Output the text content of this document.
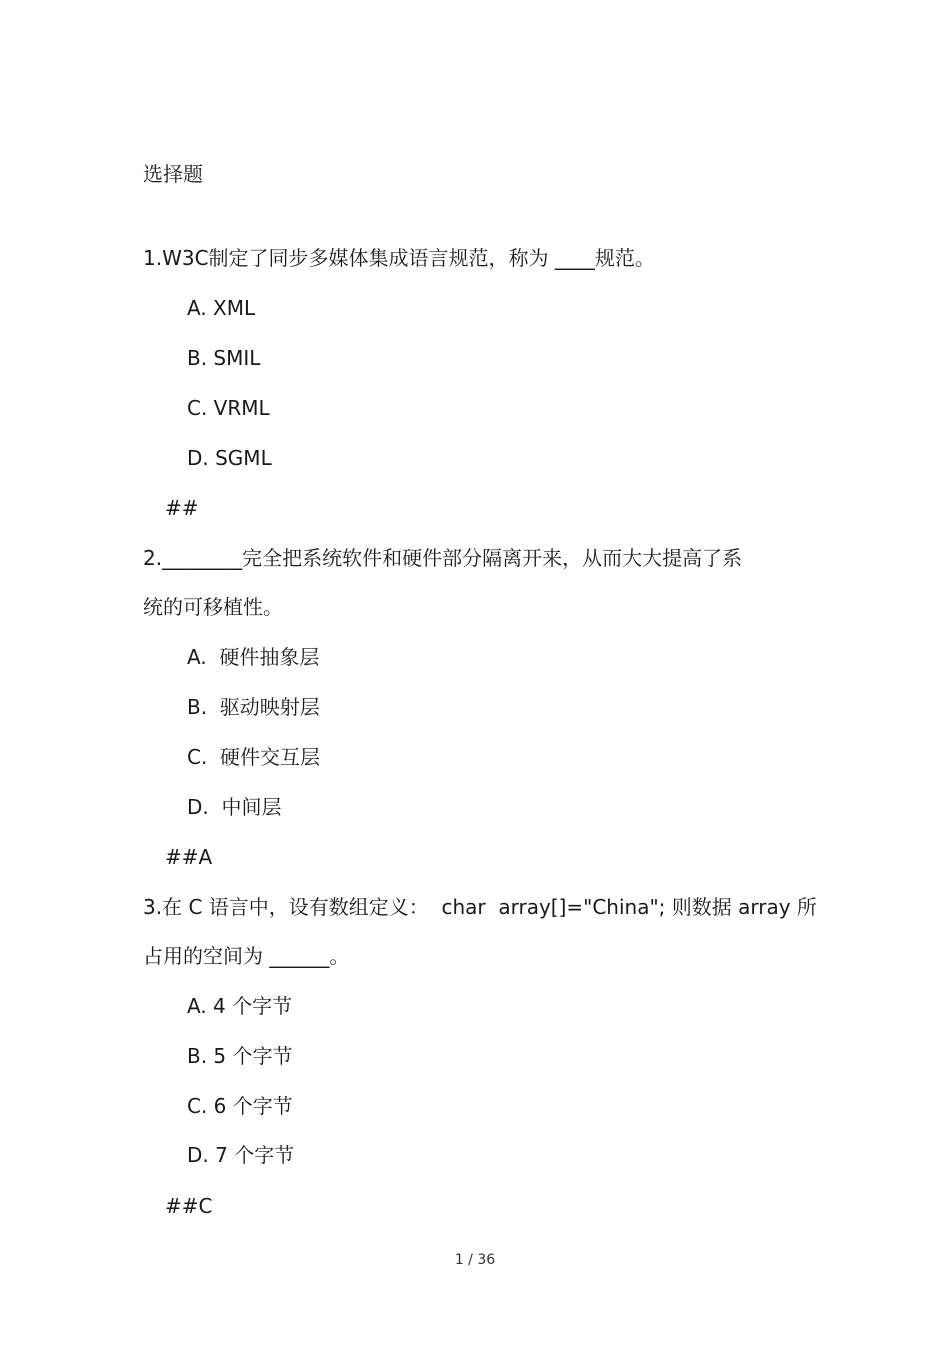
选择题
1.W3C制定了同步多媒体集成语言规范，称为 ____规范。
A. XML
B. SMIL
C. VRML
D. SGML
##
2.________完全把系统软件和硬件部分隔离开来，从而大大提高了系
统的可移植性。
A.  硬件抽象层
B.  驱动映射层
C.  硬件交互层
D.  中间层
##A
3.在 C 语言中，设有数组定义：  char  array[]="China"; 则数据 array 所
占用的空间为 ______。
A. 4 个字节
B. 5 个字节
C. 6 个字节
D. 7 个字节
##C
1 / 36
